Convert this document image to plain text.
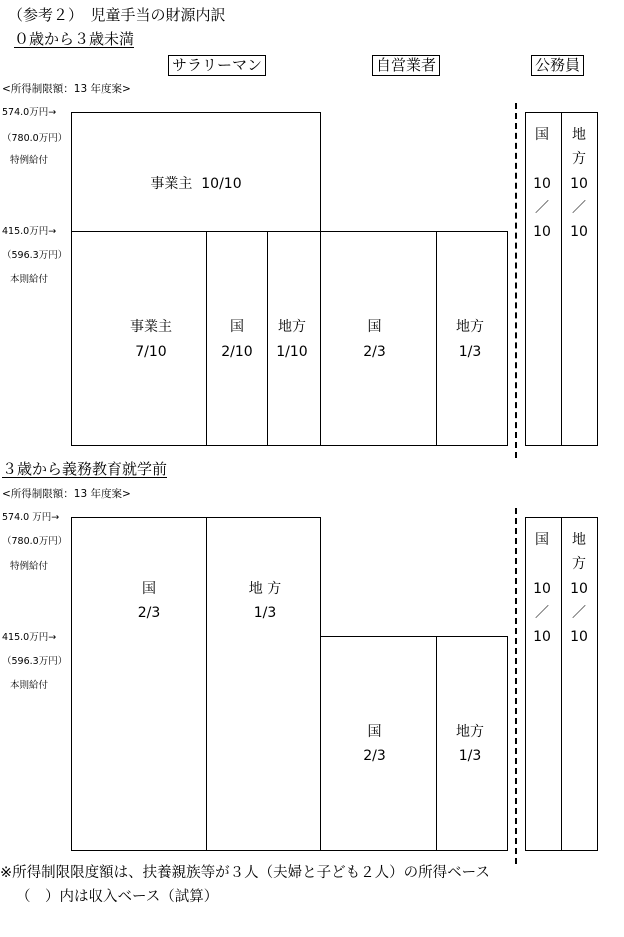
（参考２）　児童手当の財源内訳
０歳から３歳未満
サラリーマン	自営業者	公務員
<所得制限額：13 年度案>
574.0万円→
（780.0万円）
特例給付
415.0万円→
（596.3万円）
本則給付
事業主 10/10
事業主
7/10
国
2/10
地方
1/10
国
2/3
地方
1/3
国
10
／
10
地
方
10
／
10
３歳から義務教育就学前
<所得制限額：13 年度案>
574.0 万円→
（780.0万円）
特例給付
415.0万円→
（596.3万円）
本則給付
国
2/3
地 方
1/3
国
2/3
地方
1/3
国
10
／
10
地
方
10
／
10
※所得制限限度額は、扶養親族等が３人（夫婦と子ども２人）の所得ベース
（　）内は収入ベース（試算）
